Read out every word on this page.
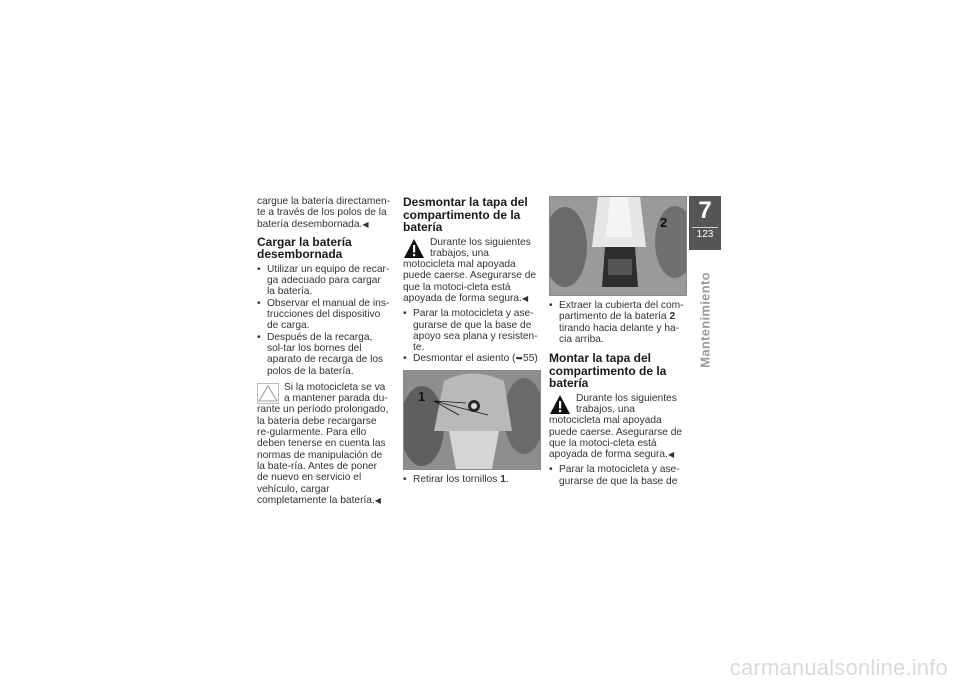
cargue la batería directamen-te a través de los polos de la batería desembornada.◀

Cargar la batería desembornada
• Utilizar un equipo de recar-ga adecuado para cargar la batería.
• Observar el manual de ins-trucciones del dispositivo de carga.
• Después de la recarga, sol-tar los bornes del aparato de recarga de los polos de la batería.
Si la motocicleta se va a mantener parada du-rante un período prolongado, la batería debe recargarse re-gularmente. Para ello deben tenerse en cuenta las normas de manipulación de la bate-ría. Antes de poner de nuevo en servicio el vehículo, cargar completamente la batería.◀
Desmontar la tapa del compartimento de la batería
Durante los siguientes trabajos, una motocicleta mal apoyada puede caerse. Asegurarse de que la motoci-cleta está apoyada de forma segura.◀
• Parar la motocicleta y ase-gurarse de que la base de apoyo sea plana y resisten-te.
• Desmontar el asiento (➥55)
1
• Retirar los tornillos 1.
2
• Extraer la cubierta del com-partimento de la batería 2 tirando hacia delante y ha-cia arriba.
Montar la tapa del compartimento de la batería
Durante los siguientes trabajos, una motocicleta mal apoyada puede caerse. Asegurarse de que la motoci-cleta está apoyada de forma segura.◀
• Parar la motocicleta y ase-gurarse de que la base de
7
123
Mantenimiento
carmanualsonline.info
